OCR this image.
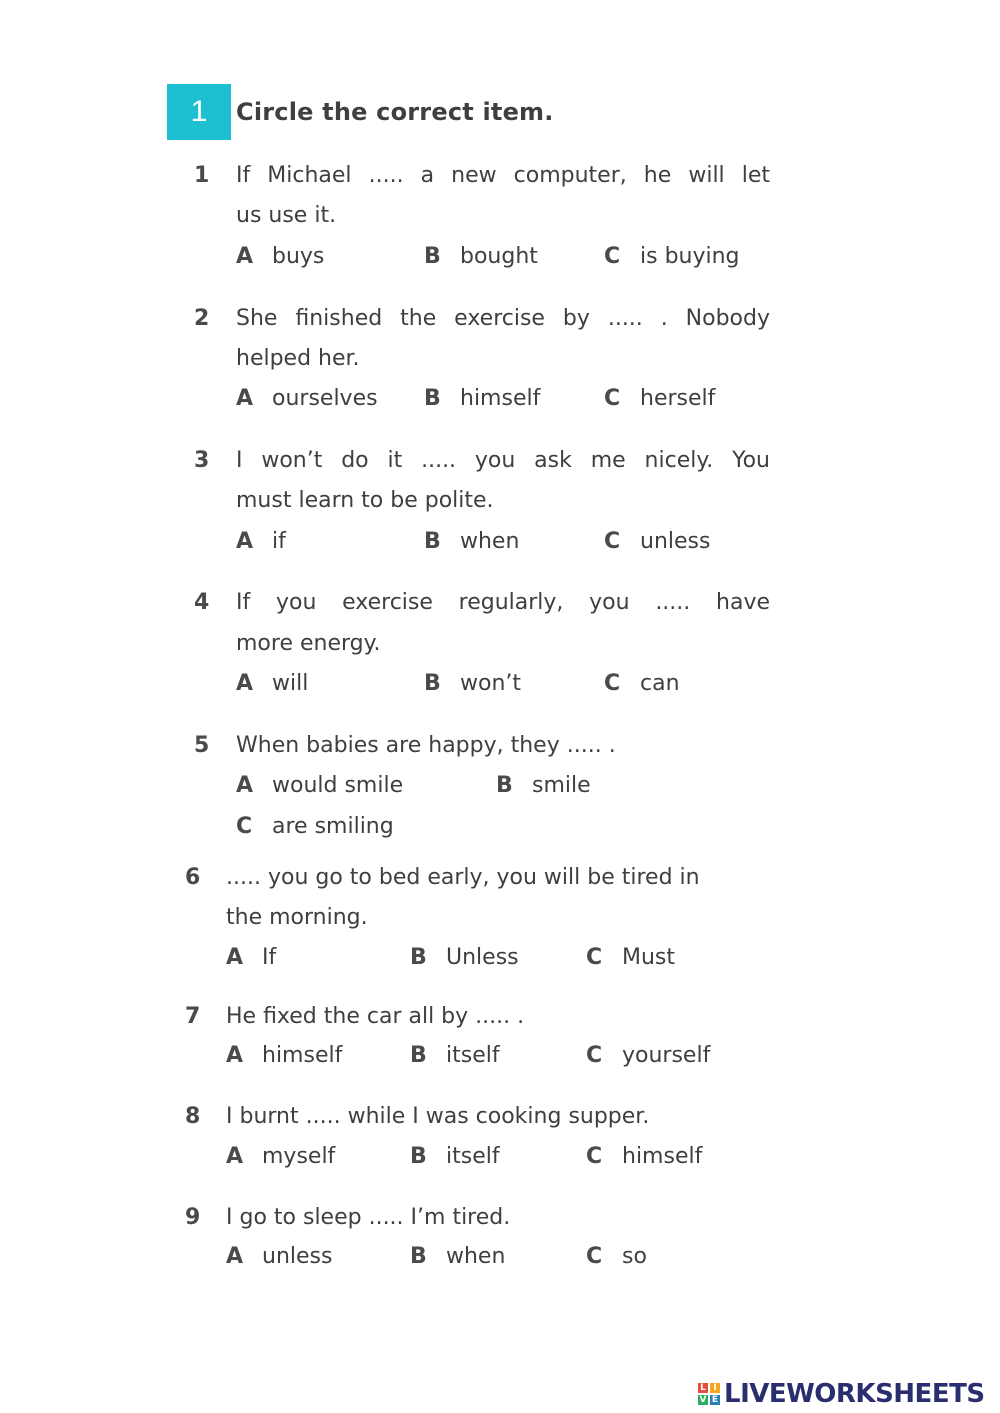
1 Circle the correct item.
1 If Michael ..... a new computer, he will let
us use it.
A buys	B bought	C is buying
2 She finished the exercise by ..... . Nobody
helped her.
A ourselves B himself	C herself
3 I won’t do it ..... you ask me nicely. You
must learn to be polite.
A if	B when	C unless
4 If you exercise regularly, you ..... have
more energy.
A will	B won’t	C can
5 When babies are happy, they ..... .
A would smile	B smile
C are smiling
6 ..... you go to bed early, you will be tired in
the morning.
A If	B Unless	C Must
7 He fixed the car all by ..... .
A himself	B itself	C yourself
8 I burnt ..... while I was cooking supper.
A myself	B itself	C himself
9 I go to sleep ..... I’m tired.
A unless	B when	C so
L I
V E LIVEWORKSHEETS
